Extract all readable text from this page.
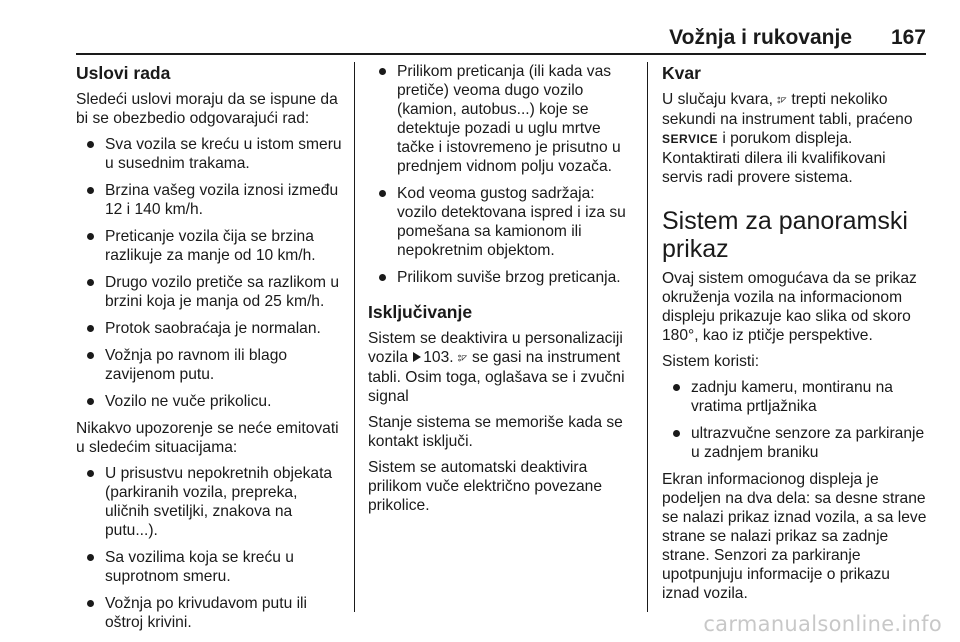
Vožnja i rukovanje 167
Uslovi rada

Sledeći uslovi moraju da se ispune da bi se obezbedio odgovarajući rad:

Sva vozila se kreću u istom smeru u susednim trakama.
Brzina vašeg vozila iznosi između 12 i 140 km/h.
Preticanje vozila čija se brzina razlikuje za manje od 10 km/h.
Drugo vozilo pretiče sa razlikom u brzini koja je manja od 25 km/h.
Protok saobraćaja je normalan.
Vožnja po ravnom ili blago zavijenom putu.
Vozilo ne vuče prikolicu.

Nikakvo upozorenje se neće emitovati u sledećim situacijama:

U prisustvu nepokretnih objekata (parkiranih vozila, prepreka, uličnih svetiljki, znakova na putu...).
Sa vozilima koja se kreću u suprotnom smeru.
Vožnja po krivudavom putu ili oštroj krivini.
Prilikom preticanja (ili kada vas pretiče) veoma dugo vozilo (kamion, autobus...) koje se detektuje pozadi u uglu mrtve tačke i istovremeno je prisutno u prednjem vidnom polju vozača.
Kod veoma gustog sadržaja: vozilo detektovana ispred i iza su pomešana sa kamionom ili nepokretnim objektom.
Prilikom suviše brzog preticanja.
Isključivanje

Sistem se deaktivira u personalizaciji vozila 103. ⦂◸ se gasi na instrument tabli. Osim toga, oglašava se i zvučni signal

Stanje sistema se memoriše kada se kontakt isključi.

Sistem se automatski deaktivira prilikom vuče električno povezane prikolice.

Kvar

U slučaju kvara, ⦂◸ trepti nekoliko sekundi na instrument tabli, praćeno SERVICE i porukom displeja. Kontaktirati dilera ili kvalifikovani servis radi provere sistema.

Sistem za panoramski prikaz

Ovaj sistem omogućava da se prikaz okruženja vozila na informacionom displeju prikazuje kao slika od skoro 180°, kao iz ptičje perspektive.

Sistem koristi:

zadnju kameru, montiranu na vratima prtljažnika
ultrazvučne senzore za parkiranje u zadnjem braniku

Ekran informacionog displeja je podeljen na dva dela: sa desne strane se nalazi prikaz iznad vozila, a sa leve strane se nalazi prikaz sa zadnje strane. Senzori za parkiranje upotpunjuju informacije o prikazu iznad vozila.

carmanualsonline.info
